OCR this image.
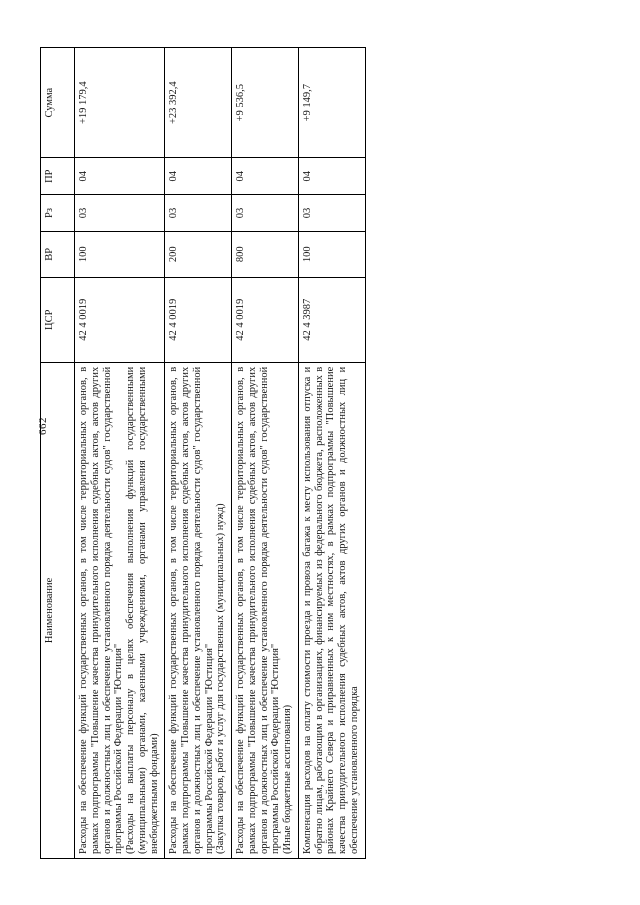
662
Наименование	ЦСР	ВР	Рз	ПР	Сумма
Расходы на обеспечение функций государственных органов, в том числе территориальных органов, в рамках подпрограммы "Повышение качества принудительного исполнения судебных актов, актов других органов и должностных лиц и обеспечение установленного порядка деятельности судов" государственной программы Российской Федерации "Юстиция" (Расходы на выплаты персоналу в целях обеспечения выполнения функций государственными (муниципальными) органами, казенными учреждениями, органами управления государственными внебюджетными фондами)	42 4 0019	100	03	04	+19 179,4
Расходы на обеспечение функций государственных органов, в том числе территориальных органов, в рамках подпрограммы "Повышение качества принудительного исполнения судебных актов, актов других органов и должностных лиц и обеспечение установленного порядка деятельности судов" государственной программы Российской Федерации "Юстиция" (Закупка товаров, работ и услуг для государственных (муниципальных) нужд)	42 4 0019	200	03	04	+23 392,4
Расходы на обеспечение функций государственных органов, в том числе территориальных органов, в рамках подпрограммы "Повышение качества принудительного исполнения судебных актов, актов других органов и должностных лиц и обеспечение установленного порядка деятельности судов" государственной программы Российской Федерации "Юстиция" (Иные бюджетные ассигнования)	42 4 0019	800	03	04	+9 536,5
Компенсация расходов на оплату стоимости проезда и провоза багажа к месту использования отпуска и обратно лицам, работающим в организациях, финансируемых из федерального бюджета, расположенных в районах Крайнего Севера и приравненных к ним местностях, в рамках подпрограммы "Повышение качества принудительного исполнения судебных актов, актов других органов и должностных лиц и обеспечение установленного порядка	42 4 3987	100	03	04	+9 149,7
